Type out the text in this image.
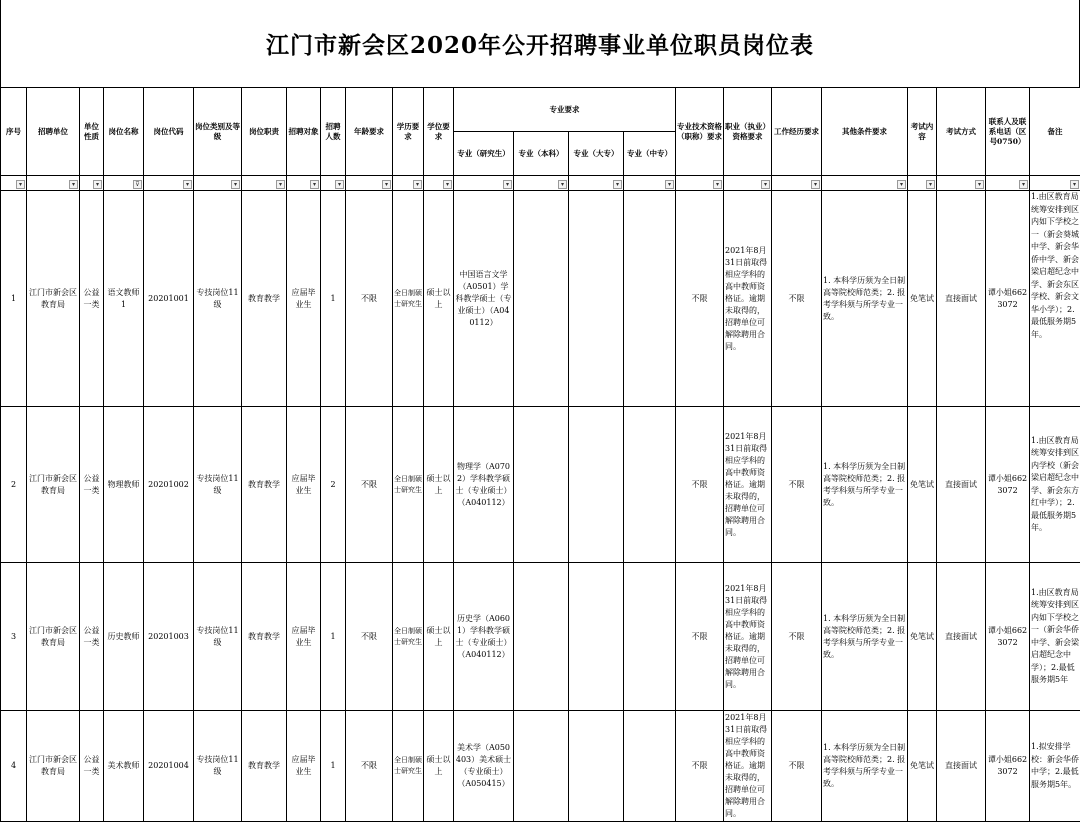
江门市新会区2020年公开招聘事业单位职员岗位表
序号	招聘单位	单位性质	岗位名称	岗位代码	岗位类别及等级	岗位职责	招聘对象	招聘人数	年龄要求	学历要求	学位要求	专业要求				专业技术资格（职称）要求	职业（执业）资格要求	工作经历要求	其他条件要求	考试内容	考试方式	联系人及联系电话（区号0750）	备注
												专业（研究生）	专业（本科）	专业（大专）	专业（中专）								

▾	▾	▾	⊽	▾	▾	▾	▾	▾	▾	▾	▾	▾	▾	▾	▾	▾	▾	▾	▾	▾	▾	▾	▾

1	江门市新会区教育局	公益一类	语文教师1	20201001	专技岗位11级	教育教学	应届毕业生	1	不限	全日制硕士研究生	硕士以上	中国语言文学（A0501）学科教学硕士（专业硕士）（A040112）				不限	2021年8月31日前取得相应学科的高中教师资格证。逾期未取得的，招聘单位可解除聘用合同。	不限	1. 本科学历须为全日制高等院校师范类；2. 报考学科须与所学专业一致。	免笔试	直接面试	谭小姐6623072	1.由区教育局统筹安排到区内如下学校之一（新会葵城中学、新会华侨中学、新会梁启超纪念中学、新会东区学校、新会文华小学）；2.最低服务期5年。
2	江门市新会区教育局	公益一类	物理教师	20201002	专技岗位11级	教育教学	应届毕业生	2	不限	全日制硕士研究生	硕士以上	物理学（A0702）学科教学硕士（专业硕士）（A040112）				不限	2021年8月31日前取得相应学科的高中教师资格证。逾期未取得的，招聘单位可解除聘用合同。	不限	1. 本科学历须为全日制高等院校师范类；2. 报考学科须与所学专业一致。	免笔试	直接面试	谭小姐6623072	1.由区教育局统筹安排到区内学校（新会梁启超纪念中学、新会东方红中学）；2.最低服务期5年。
3	江门市新会区教育局	公益一类	历史教师	20201003	专技岗位11级	教育教学	应届毕业生	1	不限	全日制硕士研究生	硕士以上	历史学（A0601）学科教学硕士（专业硕士）（A040112）				不限	2021年8月31日前取得相应学科的高中教师资格证。逾期未取得的，招聘单位可解除聘用合同。	不限	1. 本科学历须为全日制高等院校师范类；2. 报考学科须与所学专业一致。	免笔试	直接面试	谭小姐6623072	1.由区教育局统筹安排到区内如下学校之一（新会华侨中学、新会梁启超纪念中学）；2.最低服务期5年
4	江门市新会区教育局	公益一类	美术教师	20201004	专技岗位11级	教育教学	应届毕业生	1	不限	全日制硕士研究生	硕士以上	美术学（A050403）美术硕士（专业硕士）（A050415）				不限	2021年8月31日前取得相应学科的高中教师资格证。逾期未取得的，招聘单位可解除聘用合同。	不限	1. 本科学历须为全日制高等院校师范类；2. 报考学科须与所学专业一致。	免笔试	直接面试	谭小姐6623072	1.拟安排学校：新会华侨中学；2.最低服务期5年。
